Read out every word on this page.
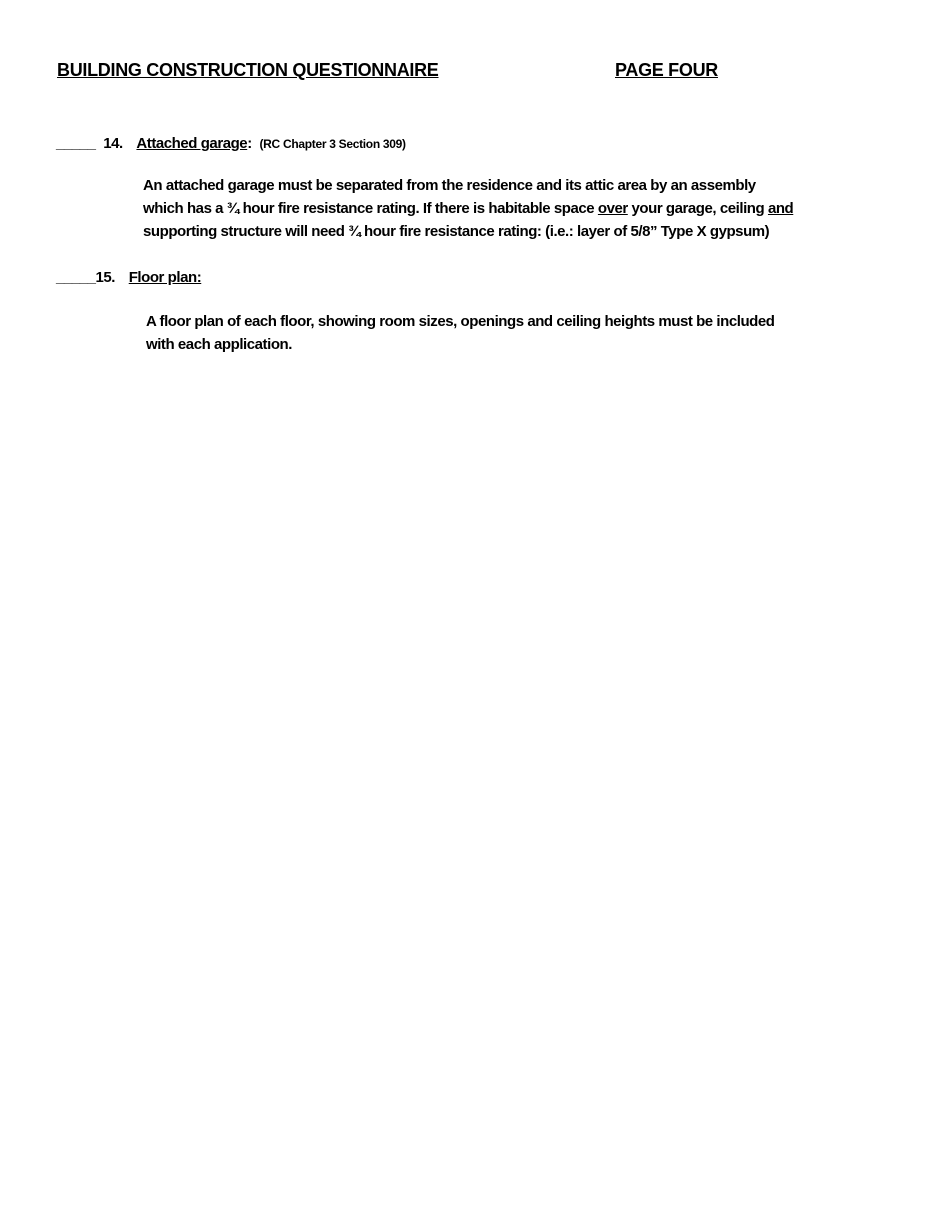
BUILDING CONSTRUCTION QUESTIONNAIRE	PAGE FOUR
_____ 14. Attached garage: (RC Chapter 3 Section 309)
An attached garage must be separated from the residence and its attic area by an assembly
which has a ¾ hour fire resistance rating. If there is habitable space over your garage, ceiling and
supporting structure will need ¾ hour fire resistance rating: (i.e.: layer of 5/8” Type X gypsum)
_____15. Floor plan:
A floor plan of each floor, showing room sizes, openings and ceiling heights must be included
with each application.
